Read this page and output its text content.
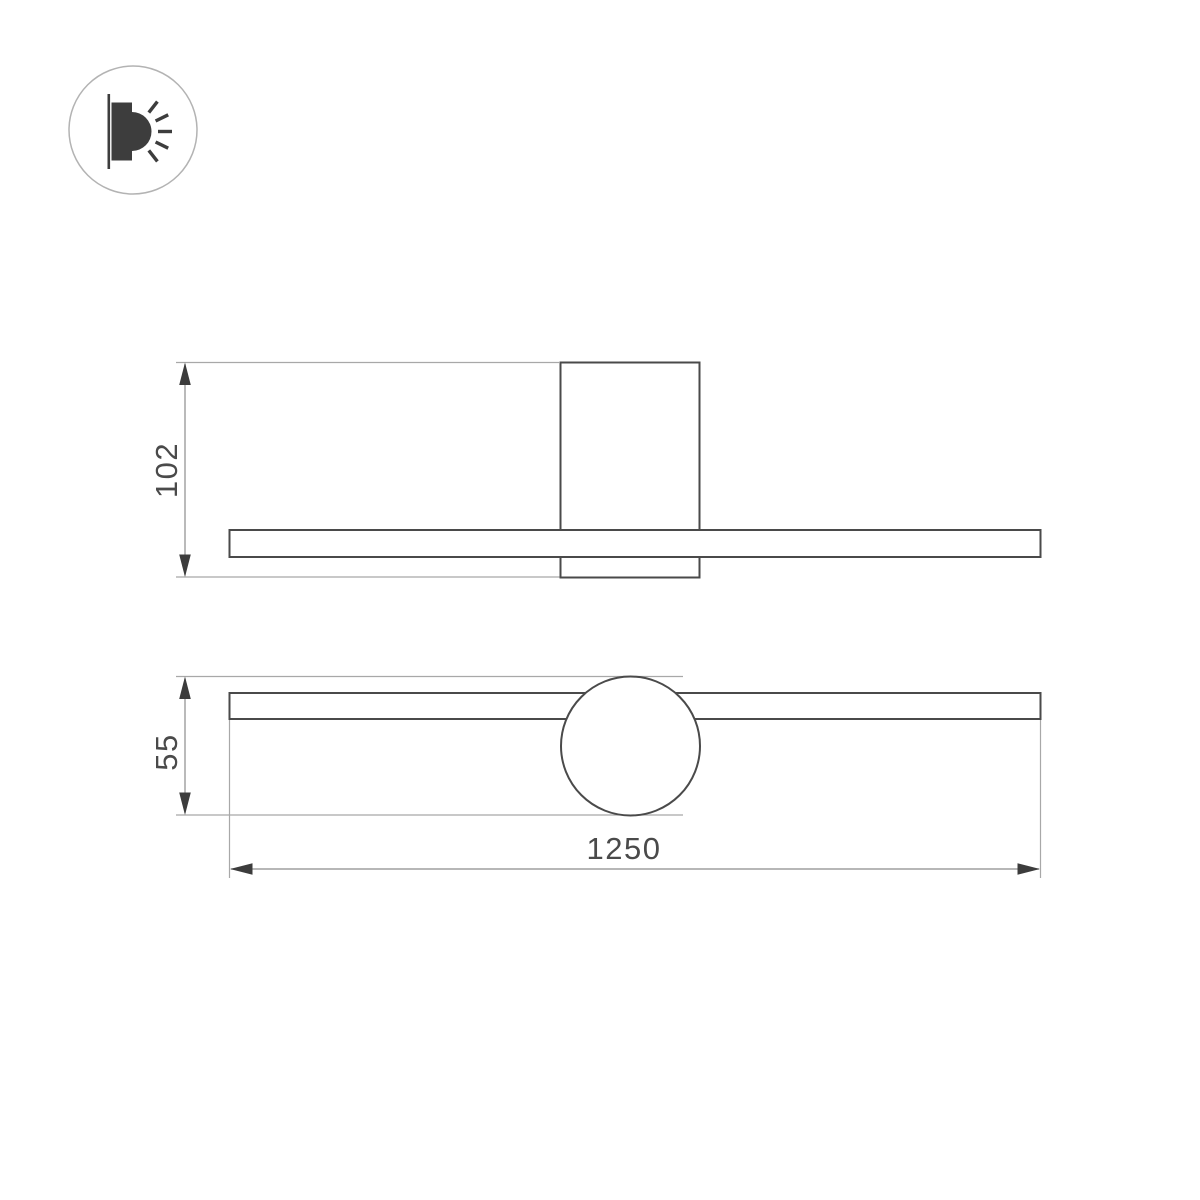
102
55
1250
